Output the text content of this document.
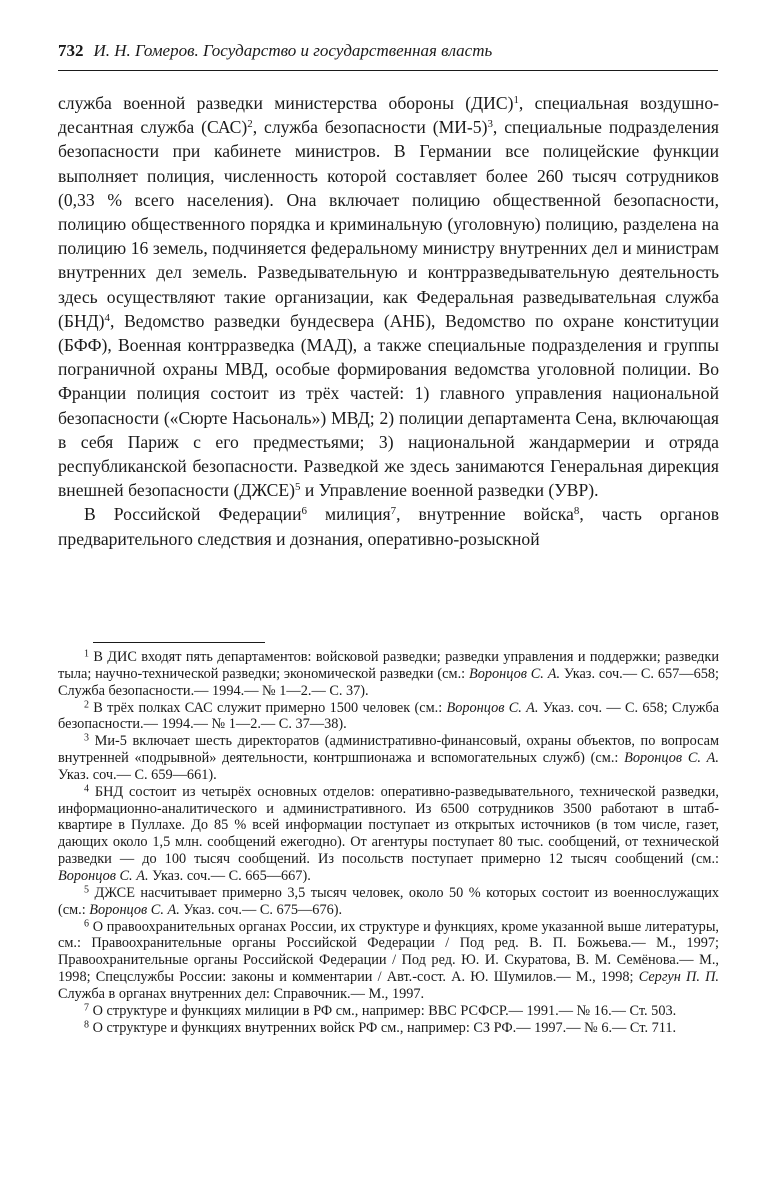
732 И. Н. Гомеров. Государство и государственная власть

служба военной разведки министерства обороны (ДИС)$^1$, специальная воздушно-десантная служба (САС)$^2$, служба безопасности $(МИ-5)^3$, специальные подразделения безопасности при кабинете министров. В Германии все полицейские функции выполняет полиция, численность которой составляет более 260 тысяч сотрудников (0,33 % всего населения). Она включает полицию общественной безопасности, полицию общественного порядка и криминальную (уголовную) полицию, разделена на полицию 16 земель, подчиняется федеральному министру внутренних дел и министрам внутренних дел земель. Разведывательную и контрразведывательную деятельность здесь осуществляют такие организации, как Федеральная разведывательная служба (БНД)$^4$, Ведомство разведки бундесвера (АНБ), Ведомство по охране конституции (БФФ), Военная контрразведка (МАД), а также специальные подразделения и группы пограничной охраны МВД, особые формирования ведомства уголовной полиции. Во Франции полиция состоит из трёх частей: 1) главного управления национальной безопасности («Сюрте Насьональ») МВД; 2) полиции департамента Сена, включающая в себя Париж с его предместьями; 3) национальной жандармерии и отряда республиканской безопасности. Разведкой же здесь занимаются Генеральная дирекция внешней безопасности (ДЖСЕ)$^5$ и Управление военной разведки (УВР).

В Российской Федерации$^6$ милиция$^7$, внутренние войска$^8$, часть органов предварительного следствия и дознания, оперативно-розыскной

$^1$ В ДИС входят пять департаментов: войсковой разведки; разведки управления и поддержки; разведки тыла; научно-технической разведки; экономической разведки (см.: Воронцов С. А. Указ. соч.— С. 657—658; Служба безопасности.— 1994.— № 1—2.— С. 37).

$^2$ В трёх полках САС служит примерно 1500 человек (см.: Воронцов С. А. Указ. соч. — С. 658; Служба безопасности.— 1994.— № 1—2.— С. 37—38).

$^3$ Ми-5 включает шесть директоратов (административно-финансовый, охраны объектов, по вопросам внутренней «подрывной» деятельности, контршпионажа и вспомогательных служб) (см.: Воронцов С. А. Указ. соч.— С. 659—661).

$^4$ БНД состоит из четырёх основных отделов: оперативно-разведывательного, технической разведки, информационно-аналитического и административного. Из 6500 сотрудников 3500 работают в штаб-квартире в Пуллахе. До 85 % всей информации поступает из открытых источников (в том числе, газет, дающих около 1,5 млн. сообщений ежегодно). От агентуры поступает 80 тыс. сообщений, от технической разведки — до 100 тысяч сообщений. Из посольств поступает примерно 12 тысяч сообщений (см.: Воронцов С. А. Указ. соч.— С. 665—667).

$^5$ ДЖСЕ насчитывает примерно 3,5 тысяч человек, около 50 % которых состоит из военнослужащих (см.: Воронцов С. А. Указ. соч.— С. 675—676).

$^6$ О правоохранительных органах России, их структуре и функциях, кроме указанной выше литературы, см.: Правоохранительные органы Российской Федерации / Под ред. В. П. Божьева.— М., 1997; Правоохранительные органы Российской Федерации / Под ред. Ю. И. Скуратова, В. М. Семёнова.— М., 1998; Спецслужбы России: законы и комментарии / Авт.-сост. А. Ю. Шумилов.— М., 1998; Сергун П. П. Служба в органах внутренних дел: Справочник.— М., 1997.

$^7$ О структуре и функциях милиции в РФ см., например: ВВС РСФСР.— 1991.— № 16.— Ст. 503.

$^8$ О структуре и функциях внутренних войск РФ см., например: СЗ РФ.— 1997.— № 6.— Ст. 711.
